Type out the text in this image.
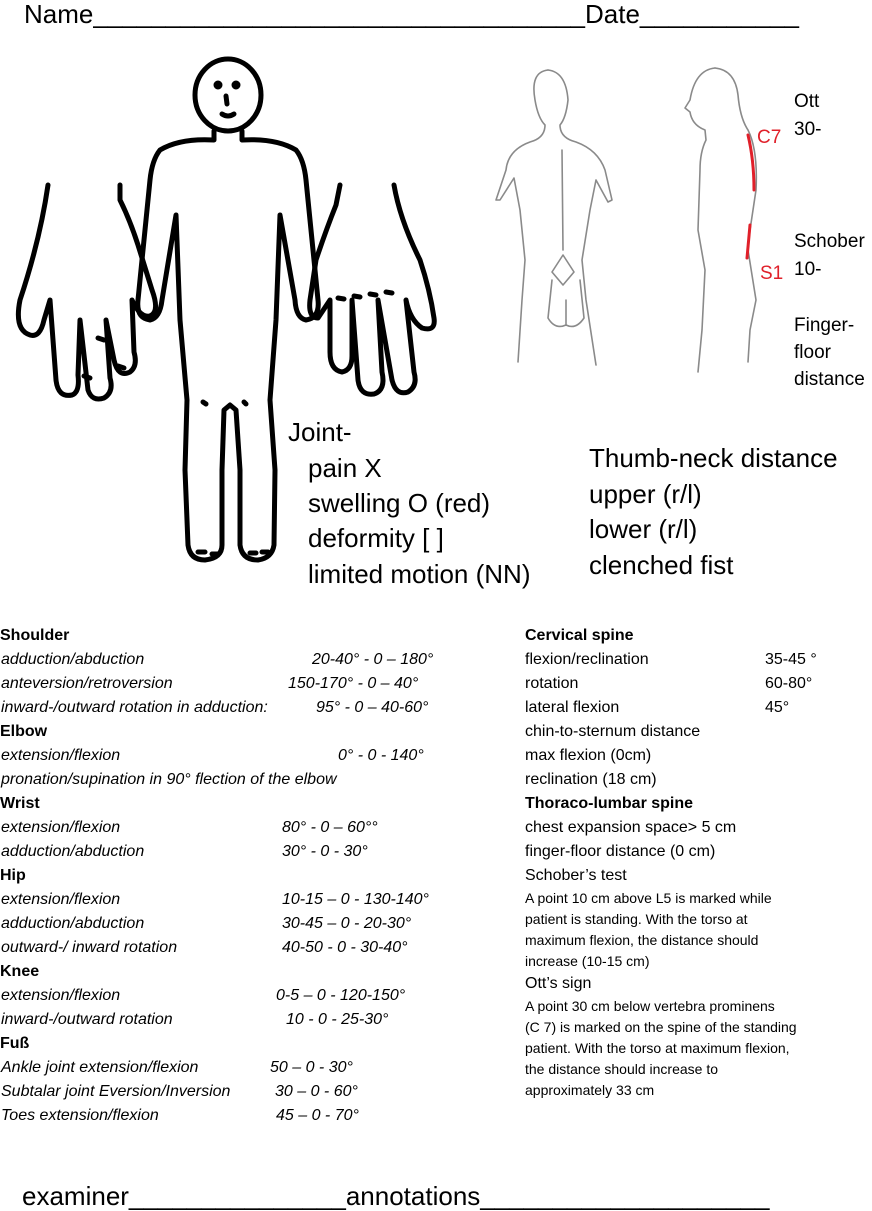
Name__________________________________Date___________
C7
S1
Ott
30-
Schober
10-
Finger-
floor
distance
Joint-
pain X
swelling O (red)
deformity [ ]
limited motion (NN)
Thumb-neck distance
upper (r/l)
lower (r/l)
clenched fist
Shoulder
adduction/abduction	20-40° - 0 – 180°
anteversion/retroversion	150-170° - 0 – 40°
inward-/outward rotation in adduction:	95° - 0 – 40-60°
Elbow
extension/flexion	0° - 0 - 140°
pronation/supination in 90° flection of the elbow
Wrist
extension/flexion	80° - 0 – 60°°
adduction/abduction	30° - 0 - 30°
Hip
extension/flexion	10-15 – 0 - 130-140°
adduction/abduction	30-45 – 0 - 20-30°
outward-/ inward rotation	40-50 - 0 - 30-40°
Knee
extension/flexion	0-5 – 0 - 120-150°
inward-/outward rotation	10 - 0 - 25-30°
Fuß
Ankle joint extension/flexion	50 – 0 - 30°
Subtalar joint Eversion/Inversion	30 – 0 - 60°
Toes extension/flexion	45 – 0 - 70°
Cervical spine
flexion/reclination	35-45 °
rotation	60-80°
lateral flexion	45°
chin-to-sternum distance
max flexion (0cm)
reclination (18 cm)
Thoraco-lumbar spine
chest expansion space> 5 cm
finger-floor distance (0 cm)
Schober’s test
A point 10 cm above L5 is marked while
patient is standing. With the torso at
maximum flexion, the distance should
increase (10-15 cm)
Ott’s sign
A point 30 cm below vertebra prominens
(C 7) is marked on the spine of the standing
patient. With the torso at maximum flexion,
the distance should increase to
approximately 33 cm
examiner_______________annotations____________________
